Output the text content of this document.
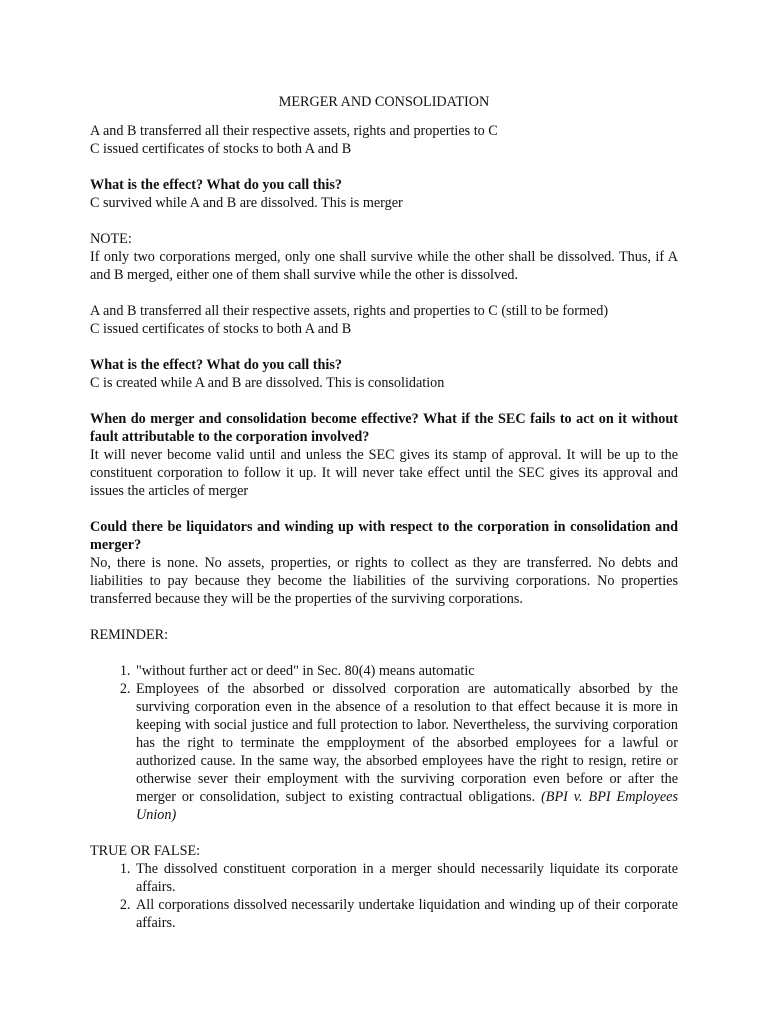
MERGER AND CONSOLIDATION

A and B transferred all their respective assets, rights and properties to C
C issued certificates of stocks to both A and B

What is the effect? What do you call this?
C survived while A and B are dissolved. This is merger

NOTE:
If only two corporations merged, only one shall survive while the other shall be dissolved. Thus, if A and B merged, either one of them shall survive while the other is dissolved.

A and B transferred all their respective assets, rights and properties to C (still to be formed)
C issued certificates of stocks to both A and B

What is the effect? What do you call this?
C is created while A and B are dissolved. This is consolidation

When do merger and consolidation become effective? What if the SEC fails to act on it without fault attributable to the corporation involved?
It will never become valid until and unless the SEC gives its stamp of approval. It will be up to the constituent corporation to follow it up. It will never take effect until the SEC gives its approval and issues the articles of merger

Could there be liquidators and winding up with respect to the corporation in consolidation and merger?
No, there is none. No assets, properties, or rights to collect as they are transferred. No debts and liabilities to pay because they become the liabilities of the surviving corporations. No properties transferred because they will be the properties of the surviving corporations.

REMINDER:

1. "without further act or deed" in Sec. 80(4) means automatic
2. Employees of the absorbed or dissolved corporation are automatically absorbed by the surviving corporation even in the absence of a resolution to that effect because it is more in keeping with social justice and full protection to labor. Nevertheless, the surviving corporation has the right to terminate the empployment of the absorbed employees for a lawful or authorized cause. In the same way, the absorbed employees have the right to resign, retire or otherwise sever their employment with the surviving corporation even before or after the merger or consolidation, subject to existing contractual obligations. (BPI v. BPI Employees Union)

TRUE OR FALSE:
1. The dissolved constituent corporation in a merger should necessarily liquidate its corporate affairs.
2. All corporations dissolved necessarily undertake liquidation and winding up of their corporate affairs.
